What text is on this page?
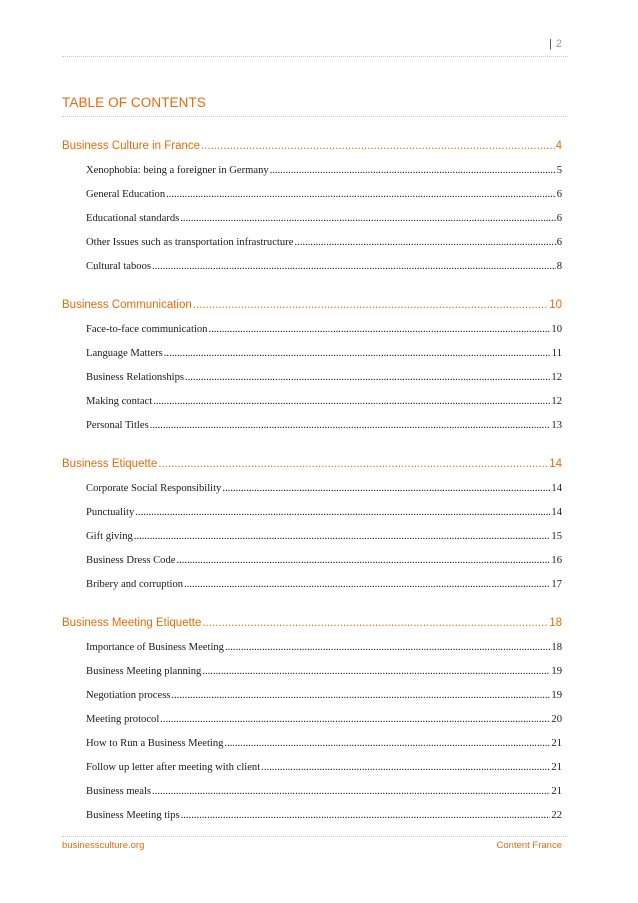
| 2
TABLE OF CONTENTS
Business Culture in France .....	4
Xenophobia: being a foreigner in Germany .....	5
General Education .....	6
Educational standards .....	6
Other Issues such as transportation infrastructure .....	6
Cultural taboos .....	8
Business Communication .....	10
Face-to-face communication .....	10
Language Matters .....	11
Business Relationships .....	12
Making contact .....	12
Personal Titles .....	13
Business Etiquette .....	14
Corporate Social Responsibility .....	14
Punctuality .....	14
Gift giving .....	15
Business Dress Code .....	16
Bribery and corruption .....	17
Business Meeting Etiquette .....	18
Importance of Business Meeting .....	18
Business Meeting planning .....	19
Negotiation process .....	19
Meeting protocol .....	20
How to Run a Business Meeting .....	21
Follow up letter after meeting with client .....	21
Business meals .....	21
Business Meeting tips .....	22
businessculture.org	Content France
